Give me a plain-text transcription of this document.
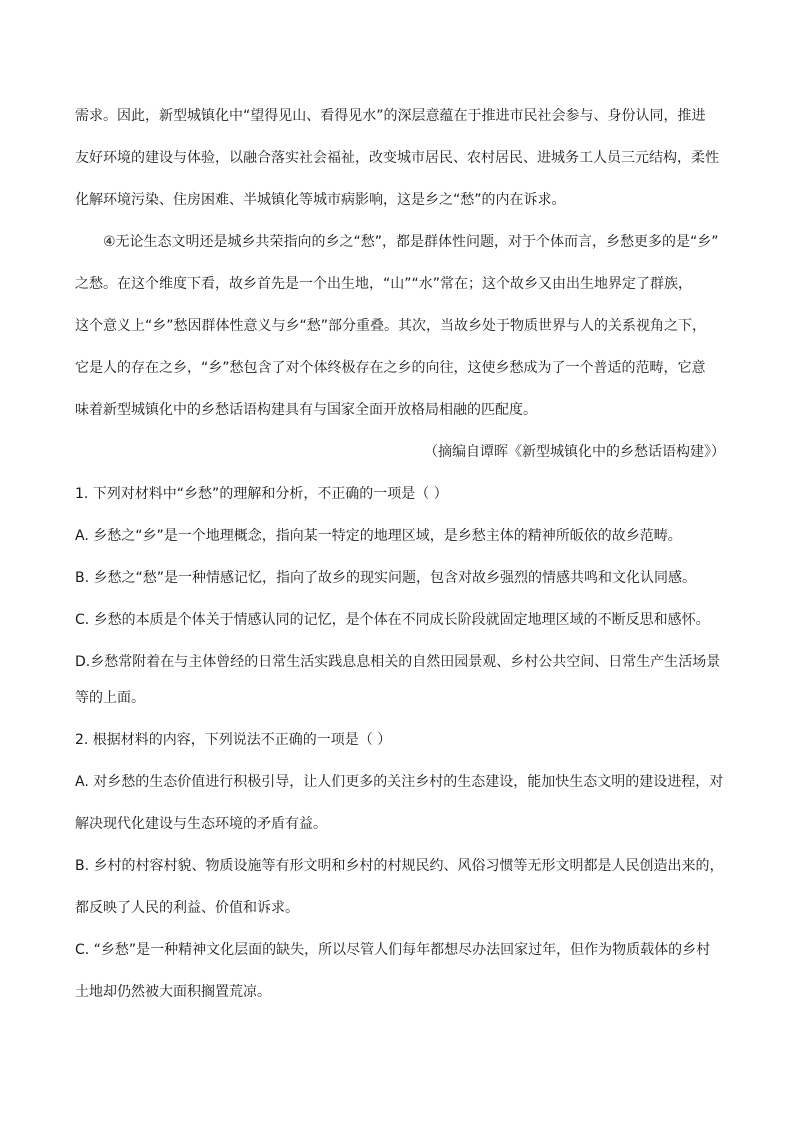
需求。因此，新型城镇化中“望得见山、看得见水”的深层意蕴在于推进市民社会参与、身份认同，推进
友好环境的建设与体验，以融合落实社会福祉，改变城市居民、农村居民、进城务工人员三元结构，柔性
化解环境污染、住房困难、半城镇化等城市病影响，这是乡之“愁”的内在诉求。
④无论生态文明还是城乡共荣指向的乡之“愁”，都是群体性问题，对于个体而言，乡愁更多的是“乡”
之愁。在这个维度下看，故乡首先是一个出生地，“山”“水”常在；这个故乡又由出生地界定了群族，
这个意义上“乡”愁因群体性意义与乡“愁”部分重叠。其次，当故乡处于物质世界与人的关系视角之下，
它是人的存在之乡，“乡”愁包含了对个体终极存在之乡的向往，这使乡愁成为了一个普适的范畴，它意
味着新型城镇化中的乡愁话语构建具有与国家全面开放格局相融的匹配度。
（摘编自谭晖《新型城镇化中的乡愁话语构建》）
1. 下列对材料中“乡愁”的理解和分析，不正确的一项是（ ）
A. 乡愁之“乡”是一个地理概念，指向某一特定的地理区域，是乡愁主体的精神所皈依的故乡范畴。
B. 乡愁之“愁”是一种情感记忆，指向了故乡的现实问题，包含对故乡强烈的情感共鸣和文化认同感。
C. 乡愁的本质是个体关于情感认同的记忆，是个体在不同成长阶段就固定地理区域的不断反思和感怀。
D.乡愁常附着在与主体曾经的日常生活实践息息相关的自然田园景观、乡村公共空间、日常生产生活场景
等的上面。
2. 根据材料的内容，下列说法不正确的一项是（ ）
A. 对乡愁的生态价值进行积极引导，让人们更多的关注乡村的生态建设，能加快生态文明的建设进程，对
解决现代化建设与生态环境的矛盾有益。
B. 乡村的村容村貌、物质设施等有形文明和乡村的村规民约、风俗习惯等无形文明都是人民创造出来的，
都反映了人民的利益、价值和诉求。
C. “乡愁”是一种精神文化层面的缺失，所以尽管人们每年都想尽办法回家过年，但作为物质载体的乡村
土地却仍然被大面积搁置荒凉。
